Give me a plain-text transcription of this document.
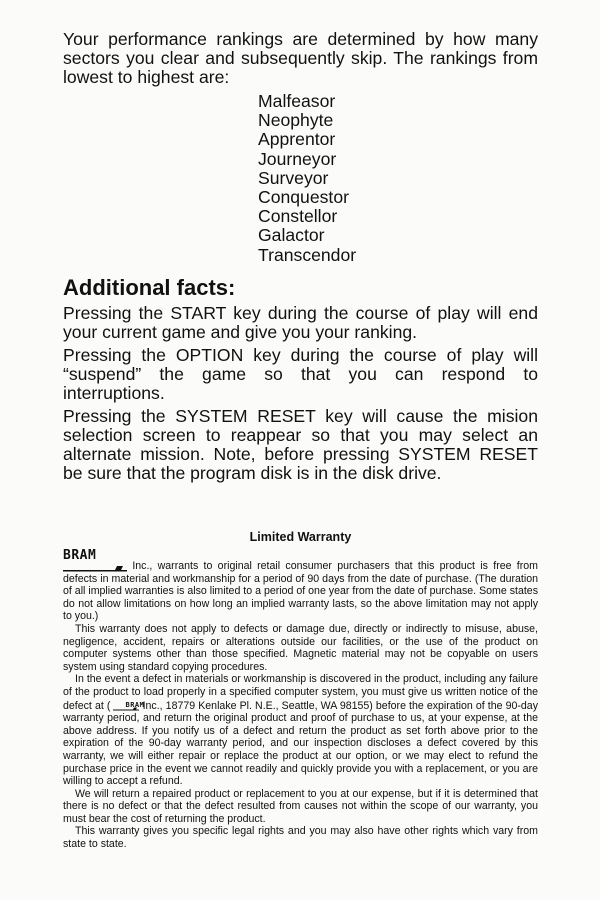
Your performance rankings are determined by how many sectors you clear and subsequently skip. The rankings from lowest to highest are:

Malfeasor
Neophyte
Apprentor
Journeyor
Surveyor
Conquestor
Constellor
Galactor
Transcendor
Additional facts:

Pressing the START key during the course of play will end your current game and give you your ranking.

Pressing the OPTION key during the course of play will “suspend” the game so that you can respond to interruptions.

Pressing the SYSTEM RESET key will cause the mision selection screen to reappear so that you may select an alternate mission. Note, before pressing SYSTEM RESET be sure that the program disk is in the disk drive.

Limited Warranty

BRAM
Inc., warrants to original retail consumer purchasers that this product is free from defects in material and workmanship for a period of 90 days from the date of purchase. (The duration of all implied warranties is also limited to a period of one year from the date of purchase. Some states do not allow limitations on how long an implied warranty lasts, so the above limitation may not apply to you.)

This warranty does not apply to defects or damage due, directly or indirectly to misuse, abuse, negligence, accident, repairs or alterations outside our facilities, or the use of the product on computer systems other than those specified. Magnetic material may not be copyable on users system using standard copying procedures.

In the event a defect in materials or workmanship is discovered in the product, including any failure of the product to load properly in a specified computer system, you must give us written notice of the defect at (	BRAM
Inc., 18779 Kenlake Pl. N.E., Seattle, WA 98155) before the expiration of the 90-day warranty period, and return the original product and proof of purchase to us, at your expense, at the above address. If you notify us of a defect and return the product as set forth above prior to the expiration of the 90-day warranty period, and our inspection discloses a defect covered by this warranty, we will either repair or replace the product at our option, or we may elect to refund the purchase price in the event we cannot readily and quickly provide you with a replacement, or you are willing to accept a refund.

We will return a repaired product or replacement to you at our expense, but if it is determined that there is no defect or that the defect resulted from causes not within the scope of our warranty, you must bear the cost of returning the product.

This warranty gives you specific legal rights and you may also have other rights which vary from state to state.
